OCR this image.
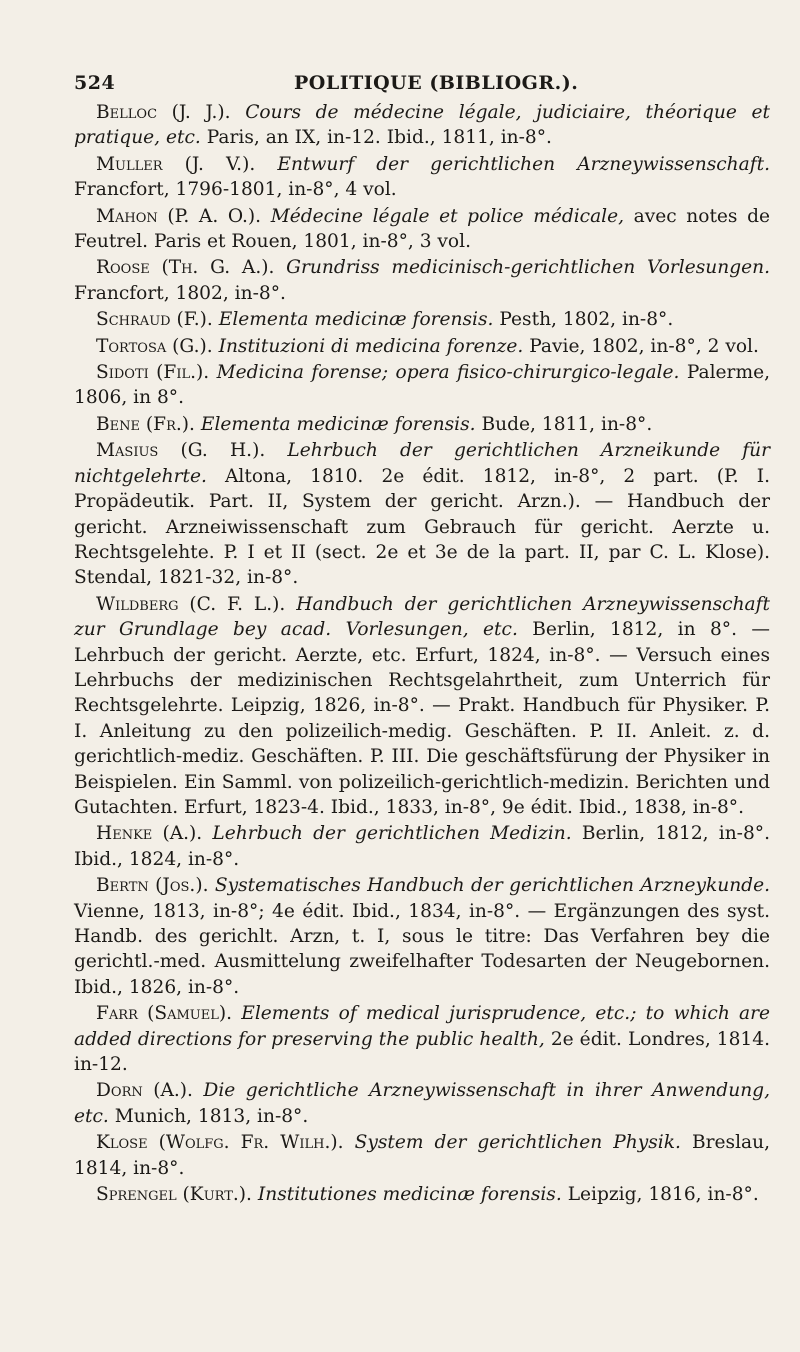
524	POLITIQUE (BIBLIOGR.).

Belloc (J. J.). Cours de médecine légale, judiciaire, théorique et pratique, etc. Paris, an IX, in-12. Ibid., 1811, in-8°.

Muller (J. V.). Entwurf der gerichtlichen Arzneywissenschaft. Francfort, 1796-1801, in-8°, 4 vol.

Mahon (P. A. O.). Médecine légale et police médicale, avec notes de Feutrel. Paris et Rouen, 1801, in-8°, 3 vol.

Roose (Th. G. A.). Grundriss medicinisch-gerichtlichen Vorlesungen. Francfort, 1802, in-8°.

Schraud (F.). Elementa medicinæ forensis. Pesth, 1802, in-8°.

Tortosa (G.). Instituzioni di medicina forenze. Pavie, 1802, in-8°, 2 vol.

Sidoti (Fil.). Medicina forense; opera fisico-chirurgico-legale. Palerme, 1806, in 8°.

Bene (Fr.). Elementa medicinæ forensis. Bude, 1811, in-8°.

Masius (G. H.). Lehrbuch der gerichtlichen Arzneikunde für nichtgelehrte. Altona, 1810. 2e édit. 1812, in-8°, 2 part. (P. I. Propädeutik. Part. II, System der gericht. Arzn.). — Handbuch der gericht. Arzneiwissenschaft zum Gebrauch für gericht. Aerzte u. Rechtsgelehte. P. I et II (sect. 2e et 3e de la part. II, par C. L. Klose). Stendal, 1821-32, in-8°.

Wildberg (C. F. L.). Handbuch der gerichtlichen Arzneywissenschaft zur Grundlage bey acad. Vorlesungen, etc. Berlin, 1812, in 8°. — Lehrbuch der gericht. Aerzte, etc. Erfurt, 1824, in-8°. — Versuch eines Lehrbuchs der medizinischen Rechtsgelahrtheit, zum Unterrich für Rechtsgelehrte. Leipzig, 1826, in-8°. — Prakt. Handbuch für Physiker. P. I. Anleitung zu den polizeilich-medig. Geschäften. P. II. Anleit. z. d. gerichtlich-mediz. Geschäften. P. III. Die geschäftsfürung der Physiker in Beispielen. Ein Samml. von polizeilich-gerichtlich-medizin. Berichten und Gutachten. Erfurt, 1823-4. Ibid., 1833, in-8°, 9e édit. Ibid., 1838, in-8°.

Henke (A.). Lehrbuch der gerichtlichen Medizin. Berlin, 1812, in-8°. Ibid., 1824, in-8°.

Bertn (Jos.). Systematisches Handbuch der gerichtlichen Arzneykunde. Vienne, 1813, in-8°; 4e édit. Ibid., 1834, in-8°. — Ergänzungen des syst. Handb. des gerichlt. Arzn, t. I, sous le titre: Das Verfahren bey die gerichtl.-med. Ausmittelung zweifelhafter Todesarten der Neugebornen. Ibid., 1826, in-8°.

Farr (Samuel). Elements of medical jurisprudence, etc.; to which are added directions for preserving the public health, 2e édit. Londres, 1814. in-12.

Dorn (A.). Die gerichtliche Arzneywissenschaft in ihrer Anwendung, etc. Munich, 1813, in-8°.

Klose (Wolfg. Fr. Wilh.). System der gerichtlichen Physik. Breslau, 1814, in-8°.

Sprengel (Kurt.). Institutiones medicinæ forensis. Leipzig, 1816, in-8°.
